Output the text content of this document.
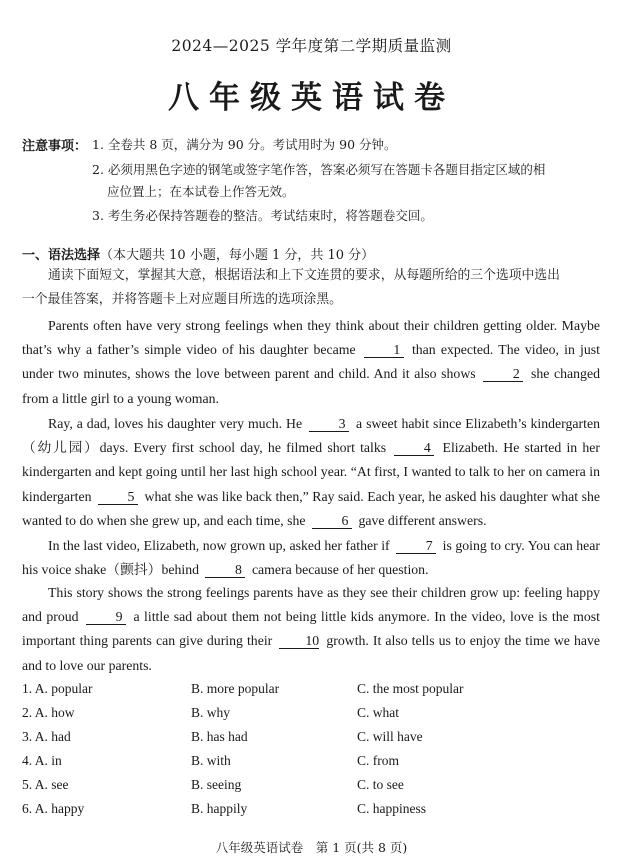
2024—2025 学年度第二学期质量监测
八年级英语试卷
注意事项： 1. 全卷共 8 页，满分为 90 分。考试用时为 90 分钟。
2. 必须用黑色字迹的钢笔或签字笔作答，答案必须写在答题卡各题目指定区域的相
应位置上；在本试卷上作答无效。
3. 考生务必保持答题卷的整洁。考试结束时，将答题卷交回。
一、语法选择（本大题共 10 小题，每小题 1 分，共 10 分）
通读下面短文，掌握其大意，根据语法和上下文连贯的要求，从每题所给的三个选项中选出
一个最佳答案，并将答题卡上对应题目所选的选项涂黑。
Parents often have very strong feelings when they think about their children getting older. Maybe that’s why a father’s simple video of his daughter became	1 than expected. The video, in just under two minutes, shows the love between parent and child. And it also shows	2 she changed from a little girl to a young woman.
Ray, a dad, loves his daughter very much. He	3 a sweet habit since Elizabeth’s kindergarten（幼儿园）days. Every first school day, he filmed short talks	4 Elizabeth. He started in her kindergarten and kept going until her last high school year. “At first, I wanted to talk to her on camera in kindergarten	5 what she was like back then,” Ray said. Each year, he asked his daughter what she wanted to do when she grew up, and each time, she	6 gave different answers.
In the last video, Elizabeth, now grown up, asked her father if	7 is going to cry. You can hear his voice shake（颤抖）behind	8 camera because of her question.
This story shows the strong feelings parents have as they see their children grow up: feeling happy and proud	9 a little sad about them not being little kids anymore. In the video, love is the most important thing parents can give during their 10 growth. It also tells us to enjoy the time we have and to love our parents.
1. A. popular	B. more popular	C. the most popular
2. A. how	B. why	C. what
3. A. had	B. has had	C. will have
4. A. in	B. with	C. from
5. A. see	B. seeing	C. to see
6. A. happy	B. happily	C. happiness
八年级英语试卷　第 1 页(共 8 页)
